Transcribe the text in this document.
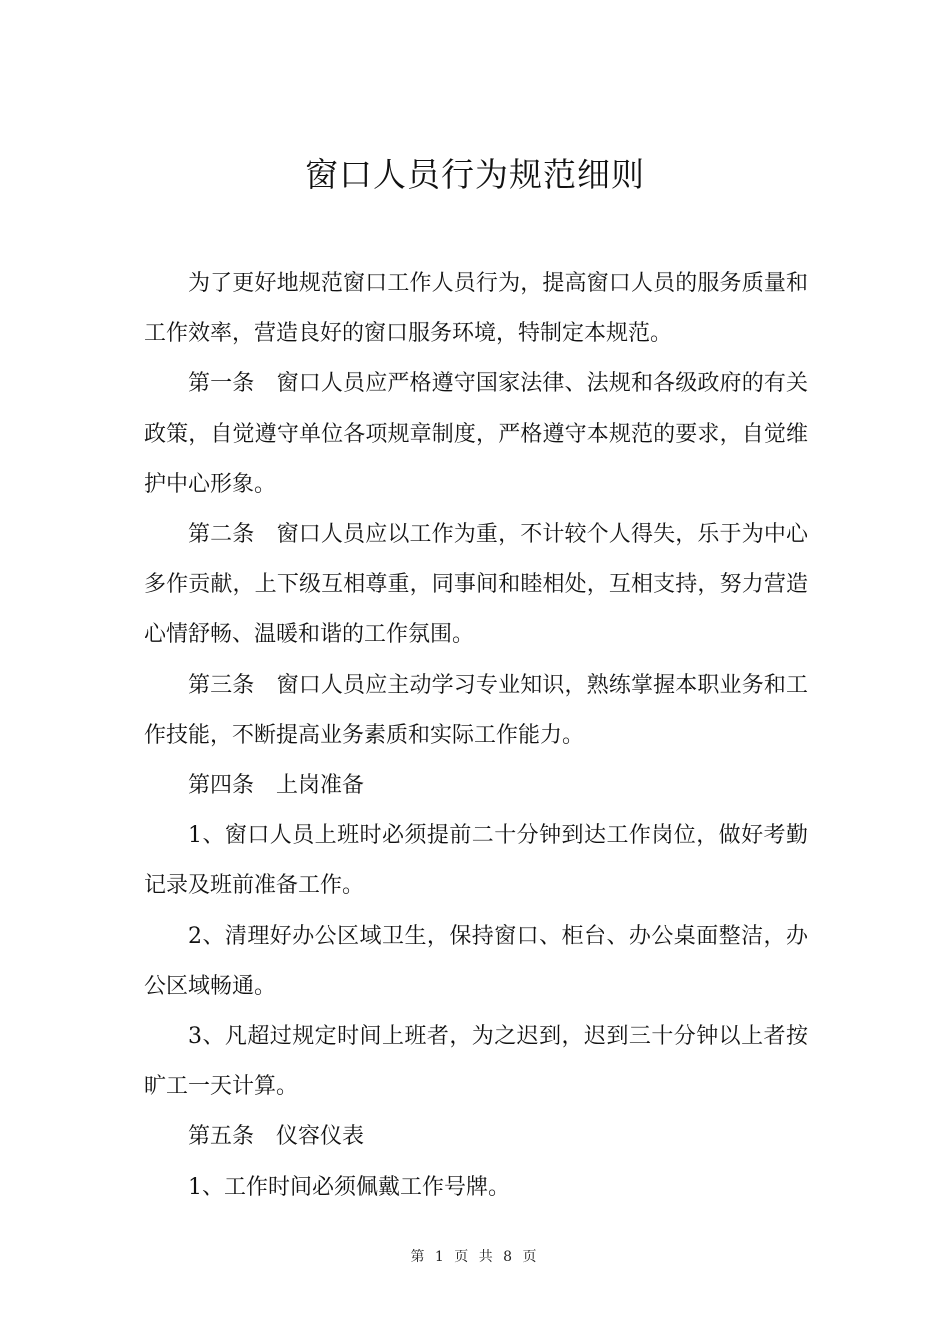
窗口人员行为规范细则

为了更好地规范窗口工作人员行为，提高窗口人员的服务质量和工作效率，营造良好的窗口服务环境，特制定本规范。

第一条 窗口人员应严格遵守国家法律、法规和各级政府的有关政策，自觉遵守单位各项规章制度，严格遵守本规范的要求，自觉维护中心形象。

第二条 窗口人员应以工作为重，不计较个人得失，乐于为中心多作贡献，上下级互相尊重，同事间和睦相处，互相支持，努力营造心情舒畅、温暖和谐的工作氛围。

第三条 窗口人员应主动学习专业知识，熟练掌握本职业务和工作技能，不断提高业务素质和实际工作能力。

第四条 上岗准备

1、窗口人员上班时必须提前二十分钟到达工作岗位，做好考勤记录及班前准备工作。

2、清理好办公区域卫生，保持窗口、柜台、办公桌面整洁，办公区域畅通。

3、凡超过规定时间上班者，为之迟到，迟到三十分钟以上者按旷工一天计算。

第五条 仪容仪表

1、工作时间必须佩戴工作号牌。

第 1 页 共 8 页
